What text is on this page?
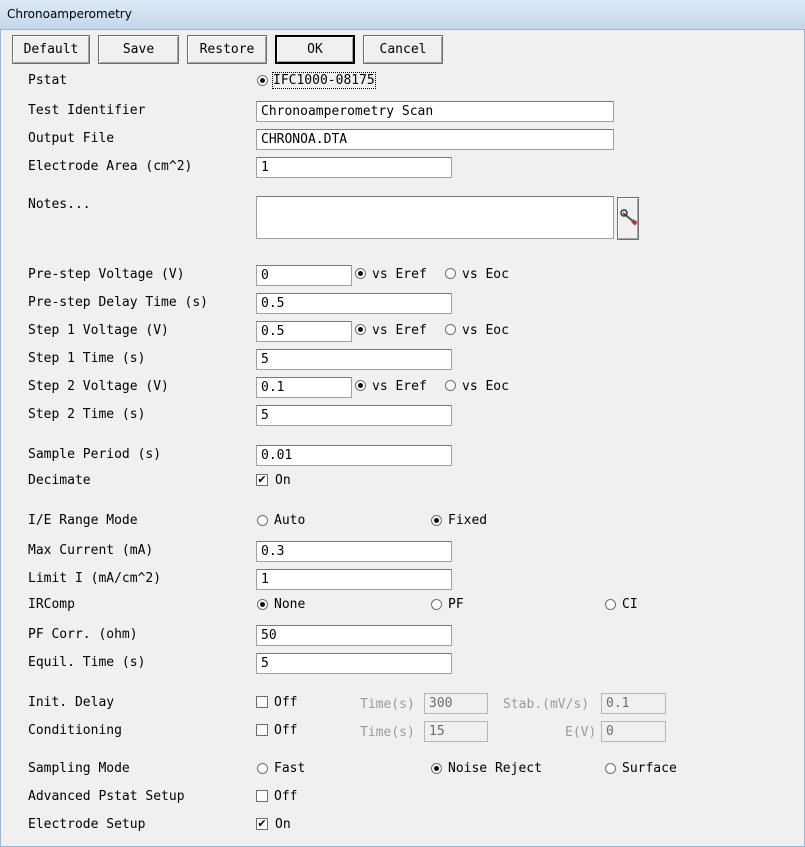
Chronoamperometry
Default	Save	Restore	OK	Cancel
Pstat	IFC1000-08175
Test Identifier	Chronoamperometry Scan
Output File	CHRONOA.DTA
Electrode Area (cm^2)	1
Notes...
Pre-step Voltage (V)	0	vs Eref	vs Eoc
Pre-step Delay Time (s)	0.5
Step 1 Voltage (V)	0.5	vs Eref	vs Eoc
Step 1 Time (s)	5
Step 2 Voltage (V)	0.1	vs Eref	vs Eoc
Step 2 Time (s)	5
Sample Period (s)	0.01
Decimate	✔ On
I/E Range Mode	Auto	Fixed
Max Current (mA)	0.3
Limit I (mA/cm^2)	1
IRComp	None	PF	CI
PF Corr. (ohm)	50
Equil. Time (s)	5
Init. Delay	Off	Time(s)	300	Stab.(mV/s)	0.1
Conditioning	Off	Time(s)	15	E(V) 0
Sampling Mode	Fast	Noise Reject	Surface
Advanced Pstat Setup	Off
Electrode Setup	✔ On
